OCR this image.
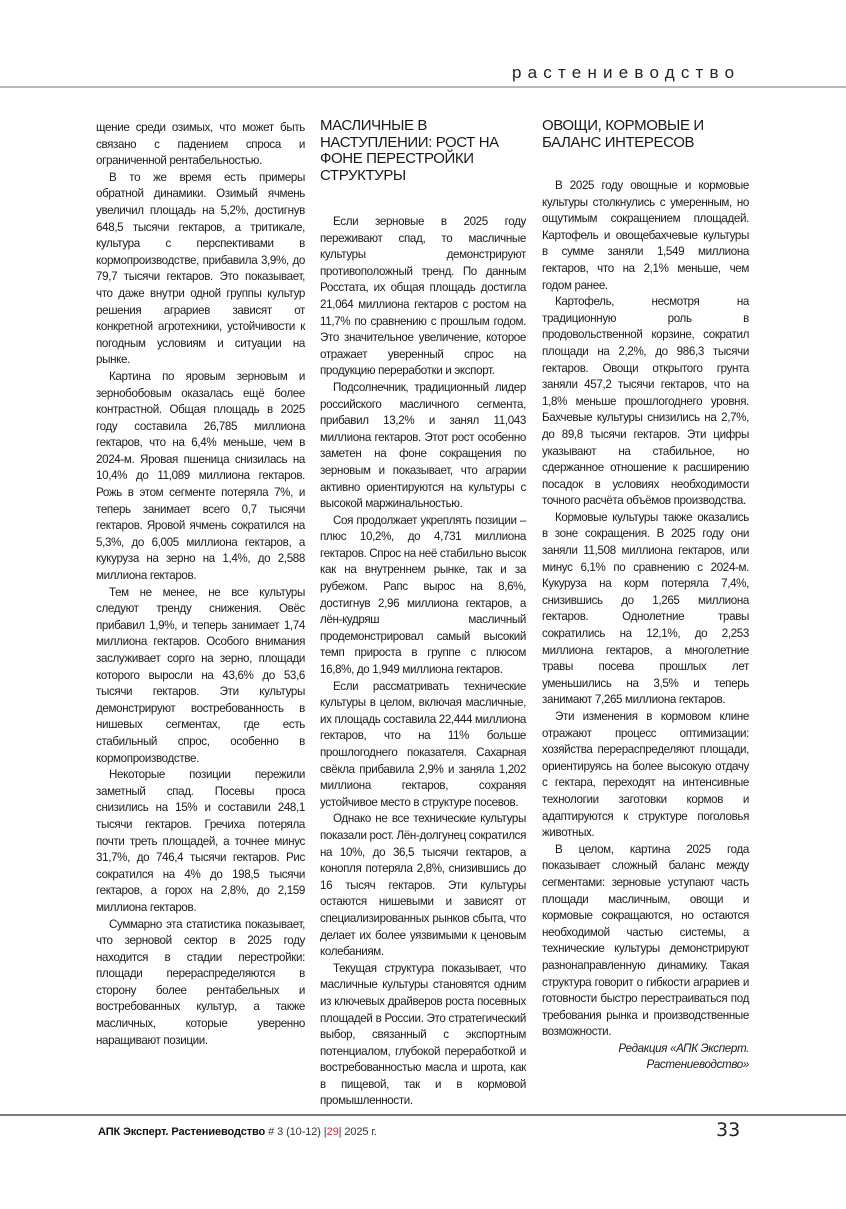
растениеводство

щение среди озимых, что может быть связано с падением спроса и ограниченной рентабельностью.

В то же время есть примеры обратной динамики. Озимый ячмень увеличил площадь на 5,2%, достигнув 648,5 тысячи гектаров, а тритикале, культура с перспективами в кормопроизводстве, прибавила 3,9%, до 79,7 тысячи гектаров. Это показывает, что даже внутри одной группы культур решения аграриев зависят от конкретной агротехники, устойчивости к погодным условиям и ситуации на рынке.

Картина по яровым зерновым и зернобобовым оказалась ещё более контрастной. Общая площадь в 2025 году составила 26,785 миллиона гектаров, что на 6,4% меньше, чем в 2024-м. Яровая пшеница снизилась на 10,4% до 11,089 миллиона гектаров. Рожь в этом сегменте потеряла 7%, и теперь занимает всего 0,7 тысячи гектаров. Яровой ячмень сократился на 5,3%, до 6,005 миллиона гектаров, а кукуруза на зерно на 1,4%, до 2,588 миллиона гектаров.

Тем не менее, не все культуры следуют тренду снижения. Овёс прибавил 1,9%, и теперь занимает 1,74 миллиона гектаров. Особого внимания заслуживает сорго на зерно, площади которого выросли на 43,6% до 53,6 тысячи гектаров. Эти культуры демонстрируют востребованность в нишевых сегментах, где есть стабильный спрос, особенно в кормопроизводстве.

Некоторые позиции пережили заметный спад. Посевы проса снизились на 15% и составили 248,1 тысячи гектаров. Гречиха потеряла почти треть площадей, а точнее минус 31,7%, до 746,4 тысячи гектаров. Рис сократился на 4% до 198,5 тысячи гектаров, а горох на 2,8%, до 2,159 миллиона гектаров.

Суммарно эта статистика показывает, что зерновой сектор в 2025 году находится в стадии перестройки: площади перераспределяются в сторону более рентабельных и востребованных культур, а также масличных, которые уверенно наращивают позиции.

МАСЛИЧНЫЕ В НАСТУПЛЕНИИ: РОСТ НА ФОНЕ ПЕРЕСТРОЙКИ СТРУКТУРЫ

Если зерновые в 2025 году переживают спад, то масличные культуры демонстрируют противоположный тренд. По данным Росстата, их общая площадь достигла 21,064 миллиона гектаров с ростом на 11,7% по сравнению с прошлым годом. Это значительное увеличение, которое отражает уверенный спрос на продукцию переработки и экспорт.

Подсолнечник, традиционный лидер российского масличного сегмента, прибавил 13,2% и занял 11,043 миллиона гектаров. Этот рост особенно заметен на фоне сокращения по зерновым и показывает, что аграрии активно ориентируются на культуры с высокой маржинальностью.

Соя продолжает укреплять позиции – плюс 10,2%, до 4,731 миллиона гектаров. Спрос на неё стабильно высок как на внутреннем рынке, так и за рубежом. Рапс вырос на 8,6%, достигнув 2,96 миллиона гектаров, а лён-кудряш масличный продемонстрировал самый высокий темп прироста в группе с плюсом 16,8%, до 1,949 миллиона гектаров.

Если рассматривать технические культуры в целом, включая масличные, их площадь составила 22,444 миллиона гектаров, что на 11% больше прошлогоднего показателя. Сахарная свёкла прибавила 2,9% и заняла 1,202 миллиона гектаров, сохраняя устойчивое место в структуре посевов.

Однако не все технические культуры показали рост. Лён-долгунец сократился на 10%, до 36,5 тысячи гектаров, а конопля потеряла 2,8%, снизившись до 16 тысяч гектаров. Эти культуры остаются нишевыми и зависят от специализированных рынков сбыта, что делает их более уязвимыми к ценовым колебаниям.

Текущая структура показывает, что масличные культуры становятся одним из ключевых драйверов роста посевных площадей в России. Это стратегический выбор, связанный с экспортным потенциалом, глубокой переработкой и востребованностью масла и шрота, как в пищевой, так и в кормовой промышленности.

ОВОЩИ, КОРМОВЫЕ И БАЛАНС ИНТЕРЕСОВ

В 2025 году овощные и кормовые культуры столкнулись с умеренным, но ощутимым сокращением площадей. Картофель и овощебахчевые культуры в сумме заняли 1,549 миллиона гектаров, что на 2,1% меньше, чем годом ранее.

Картофель, несмотря на традиционную роль в продовольственной корзине, сократил площади на 2,2%, до 986,3 тысячи гектаров. Овощи открытого грунта заняли 457,2 тысячи гектаров, что на 1,8% меньше прошлогоднего уровня. Бахчевые культуры снизились на 2,7%, до 89,8 тысячи гектаров. Эти цифры указывают на стабильное, но сдержанное отношение к расширению посадок в условиях необходимости точного расчёта объёмов производства.

Кормовые культуры также оказались в зоне сокращения. В 2025 году они заняли 11,508 миллиона гектаров, или минус 6,1% по сравнению с 2024-м. Кукуруза на корм потеряла 7,4%, снизившись до 1,265 миллиона гектаров. Однолетние травы сократились на 12,1%, до 2,253 миллиона гектаров, а многолетние травы посева прошлых лет уменьшились на 3,5% и теперь занимают 7,265 миллиона гектаров.

Эти изменения в кормовом клине отражают процесс оптимизации: хозяйства перераспределяют площади, ориентируясь на более высокую отдачу с гектара, переходят на интенсивные технологии заготовки кормов и адаптируются к структуре поголовья животных.

В целом, картина 2025 года показывает сложный баланс между сегментами: зерновые уступают часть площади масличным, овощи и кормовые сокращаются, но остаются необходимой частью системы, а технические культуры демонстрируют разнонаправленную динамику. Такая структура говорит о гибкости аграриев и готовности быстро перестраиваться под требования рынка и производственные возможности.

Редакция «АПК Эксперт.

Растениеводство»

АПК Эксперт. Растениеводство # 3 (10-12) |29| 2025 г.	33
